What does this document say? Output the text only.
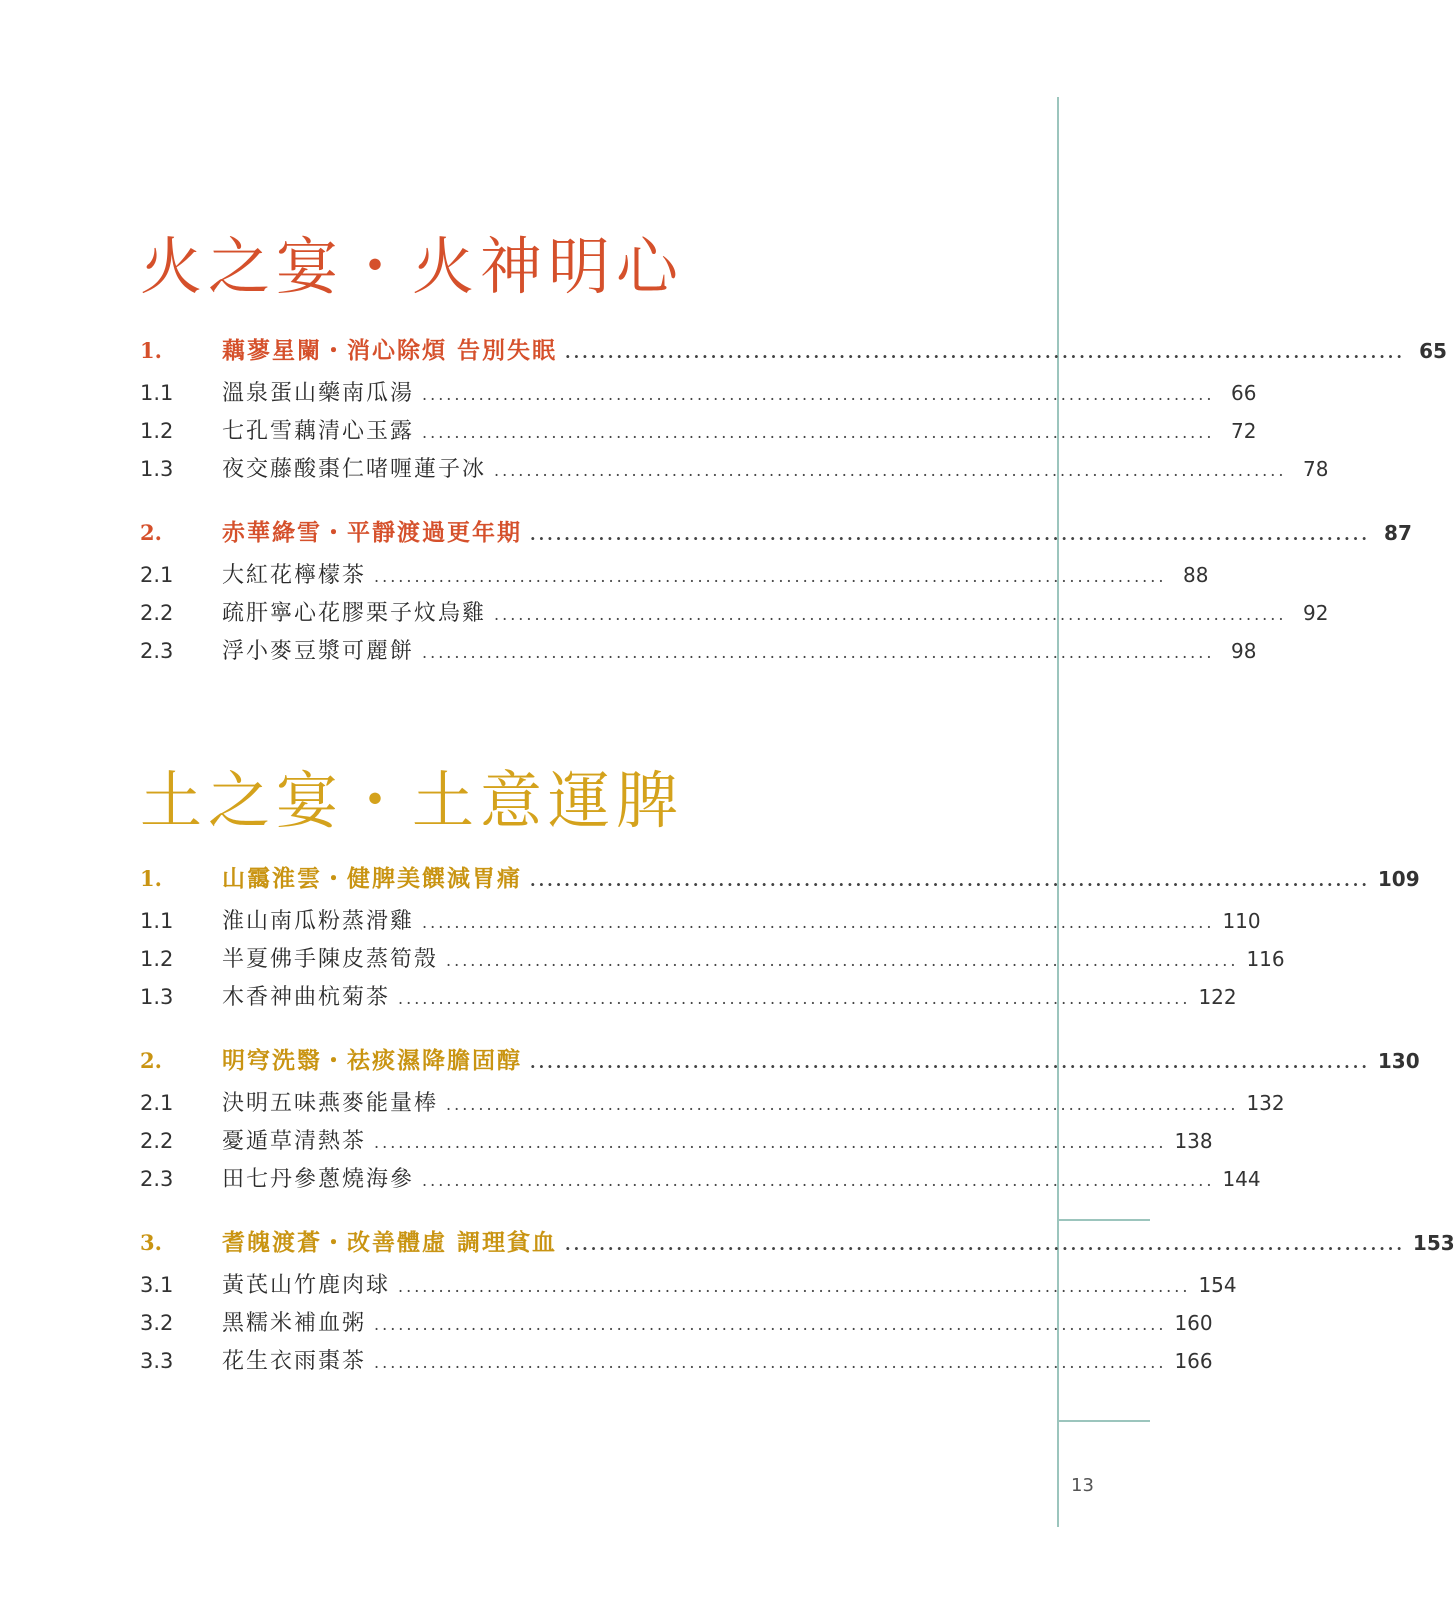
13
火之宴・火神明心
1.	藕蓼星闌・消心除煩 告別失眠 .................................................................................................. 65
1.1	溫泉蛋山藥南瓜湯 .................................................................................................. 66
1.2	七孔雪藕清心玉露 .................................................................................................. 72
1.3	夜交藤酸棗仁啫喱蓮子冰 .................................................................................................. 78
2.	赤華絳雪・平靜渡過更年期 .................................................................................................. 87
2.1	大紅花檸檬茶 .................................................................................................. 88
2.2	疏肝寧心花膠栗子炆烏雞 .................................................................................................. 92
2.3	浮小麥豆漿可麗餅 .................................................................................................. 98
土之宴・土意運脾
1.	山靄淮雲・健脾美饌減胃痛 .................................................................................................. 109
1.1	淮山南瓜粉蒸滑雞 .................................................................................................. 110
1.2	半夏佛手陳皮蒸筍殼 .................................................................................................. 116
1.3	木香神曲杭菊茶 .................................................................................................. 122
2.	明穹洗翳・祛痰濕降膽固醇 .................................................................................................. 130
2.1	決明五味燕麥能量棒 .................................................................................................. 132
2.2	憂遁草清熱茶 .................................................................................................. 138
2.3	田七丹參蔥燒海參 .................................................................................................. 144
3.	耆魄渡蒼・改善體虛 調理貧血 .................................................................................................. 153
3.1	黃芪山竹鹿肉球 .................................................................................................. 154
3.2	黑糯米補血粥 .................................................................................................. 160
3.3	花生衣雨棗茶 .................................................................................................. 166
